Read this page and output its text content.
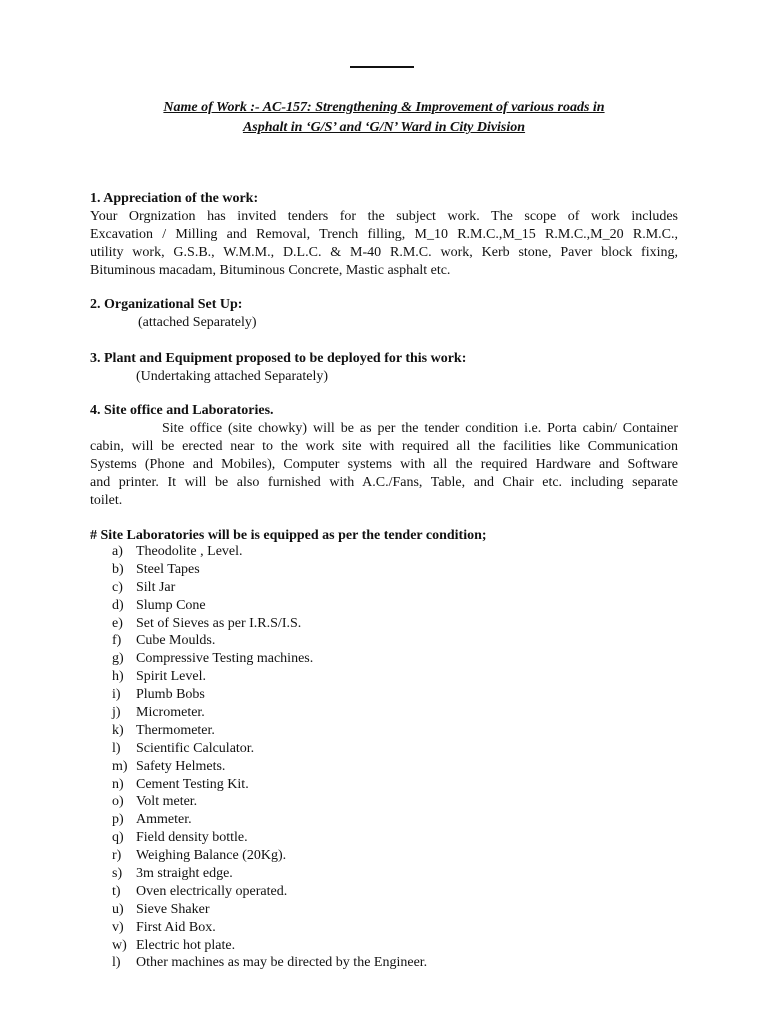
Name of Work :- AC-157: Strengthening & Improvement of various roads in
Asphalt in ‘G/S’ and ‘G/N’ Ward in City Division
1. Appreciation of the work:
Your Orgnization has invited tenders for the subject work. The scope of work includes
Excavation / Milling and Removal, Trench filling, M_10 R.M.C.,M_15 R.M.C.,M_20 R.M.C.,
utility work, G.S.B., W.M.M., D.L.C. & M-40 R.M.C. work, Kerb stone, Paver block fixing,
Bituminous macadam, Bituminous Concrete, Mastic asphalt etc.
2. Organizational Set Up:
(attached Separately)
3. Plant and Equipment proposed to be deployed for this work:
(Undertaking attached Separately)
4. Site office and Laboratories.
Site office (site chowky) will be as per the tender condition i.e. Porta cabin/ Container
cabin, will be erected near to the work site with required all the facilities like Communication
Systems (Phone and Mobiles), Computer systems with all the required Hardware and Software
and printer. It will be also furnished with A.C./Fans, Table, and Chair etc. including separate
toilet.
# Site Laboratories will be is equipped as per the tender condition;
a) Theodolite , Level.
b) Steel Tapes
c) Silt Jar
d) Slump Cone
e) Set of Sieves as per I.R.S/I.S.
f)	Cube Moulds.
g) Compressive Testing machines.
h) Spirit Level.
i)	Plumb Bobs
j)	Micrometer.
k) Thermometer.
l)	Scientific Calculator.
m) Safety Helmets.
n) Cement Testing Kit.
o) Volt meter.
p) Ammeter.
q) Field density bottle.
r)	Weighing Balance (20Kg).
s) 3m straight edge.
t)	Oven electrically operated.
u) Sieve Shaker
v) First Aid Box.
w) Electric hot plate.
l)	Other machines as may be directed by the Engineer.
